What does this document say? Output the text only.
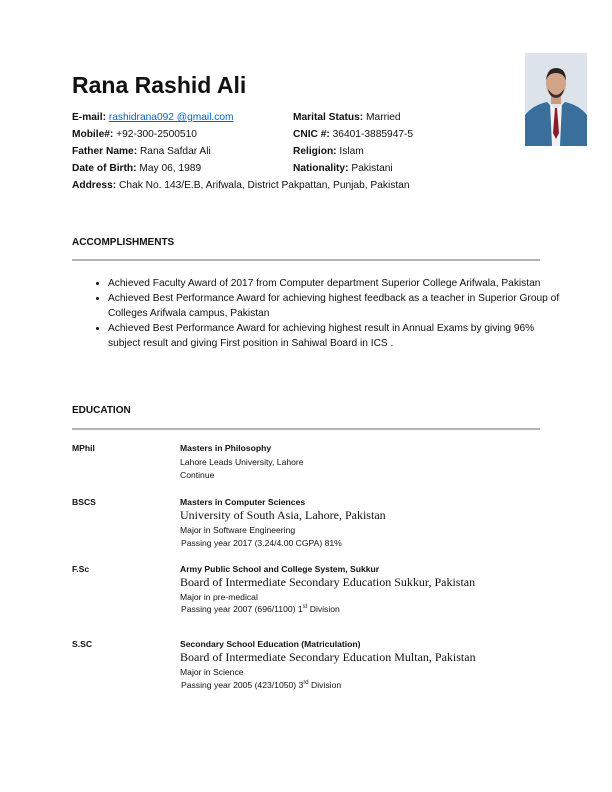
Rana Rashid Ali
E-mail: rashidrana092 @gmail.com
Mobile#: +92-300-2500510
Father Name: Rana Safdar Ali
Date of Birth: May 06, 1989
Address: Chak No. 143/E.B, Arifwala, District Pakpattan, Punjab, Pakistan
Marital Status: Married
CNIC #: 36401-3885947-5
Religion: Islam
Nationality: Pakistani
ACCOMPLISHMENTS
• Achieved Faculty Award of 2017 from Computer department Superior College Arifwala, Pakistan
• Achieved Best Performance Award for achieving highest feedback as a teacher in Superior Group of Colleges Arifwala campus, Pakistan
• Achieved Best Performance Award for achieving highest result in Annual Exams by giving 96% subject result and giving First position in Sahiwal Board in ICS .
EDUCATION
MPhil	Masters in Philosophy
Lahore Leads University, Lahore
Continue
BSCS	Masters in Computer Sciences
University of South Asia, Lahore, Pakistan
Major in Software Engineering
Passing year 2017 (3.24/4.00 CGPA) 81%
F.Sc	Army Public School and College System, Sukkur
Board of Intermediate Secondary Education Sukkur, Pakistan
Major in pre-medical
Passing year 2007 (696/1100) 1st Division
S.SC	Secondary School Education (Matriculation)
Board of Intermediate Secondary Education Multan, Pakistan
Major in Science
Passing year 2005 (423/1050) 3rd Division
